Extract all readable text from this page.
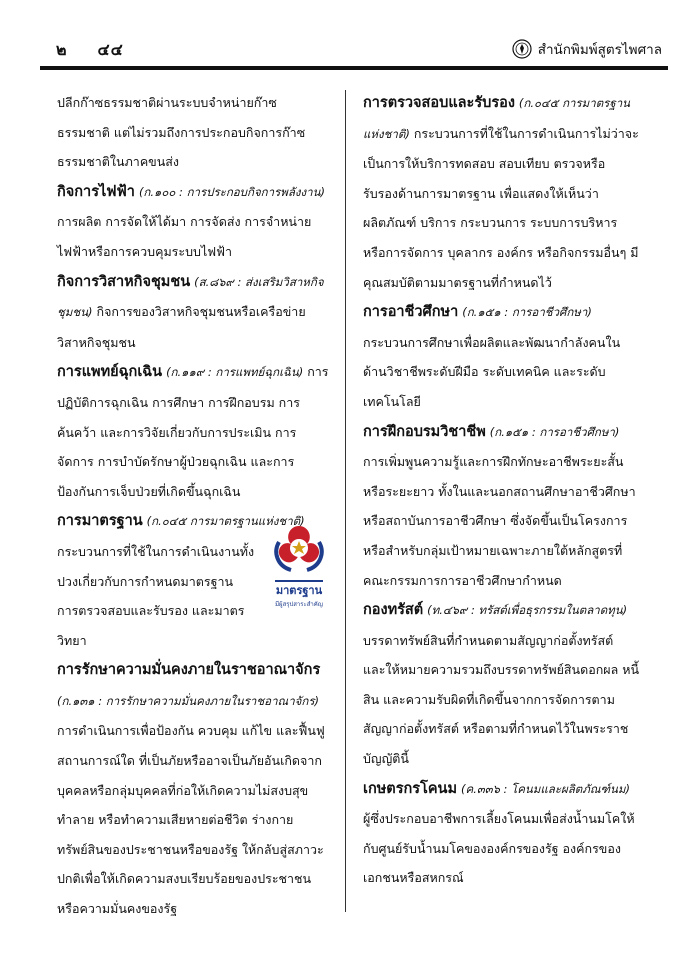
๒ ๔๔	สำนักพิมพ์สูตรไพศาล

ปลีกก๊าซธรรมชาติผ่านระบบจำหน่ายก๊าซธรรมชาติ แต่ไม่รวมถึงการประกอบกิจการก๊าซธรรมชาติในภาคขนส่ง

กิจการไฟฟ้า (ก.๑๐๐ : การประกอบกิจการพลังงาน) การผลิต การจัดให้ได้มา การจัดส่ง การจำหน่ายไฟฟ้าหรือการควบคุมระบบไฟฟ้า

กิจการวิสาหกิจชุมชน (ส.๘๖๙ : ส่งเสริมวิสาหกิจชุมชน) กิจการของวิสาหกิจชุมชนหรือเครือข่ายวิสาหกิจชุมชน

การแพทย์ฉุกเฉิน (ก.๑๑๙ : การแพทย์ฉุกเฉิน) การปฏิบัติการฉุกเฉิน การศึกษา การฝึกอบรม การค้นคว้า และการวิจัยเกี่ยวกับการประเมิน การจัดการ การบำบัดรักษาผู้ป่วยฉุกเฉิน และการป้องกันการเจ็บป่วยที่เกิดขึ้นฉุกเฉิน

การมาตรฐาน (ก.๐๔๕ การมาตรฐานแห่งชาติ)
กระบวนการที่ใช้ในการดำเนินงานทั้งปวงเกี่ยวกับการกำหนดมาตรฐาน การตรวจสอบและรับรอง และมาตรวิทยา
มาตรฐาน
มีผู้สรุปสาระสำคัญ

การรักษาความมั่นคงภายในราชอาณาจักร (ก.๑๓๑ : การรักษาความมั่นคงภายในราชอาณาจักร) การดำเนินการเพื่อป้องกัน ควบคุม แก้ไข และฟื้นฟูสถานการณ์ใด ที่เป็นภัยหรืออาจเป็นภัยอันเกิดจากบุคคลหรือกลุ่มบุคคลที่ก่อให้เกิดความไม่สงบสุข ทำลาย หรือทำความเสียหายต่อชีวิต ร่างกาย ทรัพย์สินของประชาชนหรือของรัฐ ให้กลับสู่สภาวะปกติเพื่อให้เกิดความสงบเรียบร้อยของประชาชน หรือความมั่นคงของรัฐ

การตรวจสอบและรับรอง (ก.๐๔๕ การมาตรฐานแห่งชาติ) กระบวนการที่ใช้ในการดำเนินการไม่ว่าจะเป็นการให้บริการทดสอบ สอบเทียบ ตรวจหรือรับรองด้านการมาตรฐาน เพื่อแสดงให้เห็นว่าผลิตภัณฑ์ บริการ กระบวนการ ระบบการบริหารหรือการจัดการ บุคลากร องค์กร หรือกิจกรรมอื่นๆ มีคุณสมบัติตามมาตรฐานที่กำหนดไว้

การอาชีวศึกษา (ก.๑๕๑ : การอาชีวศึกษา) กระบวนการศึกษาเพื่อผลิตและพัฒนากำลังคนในด้านวิชาชีพระดับฝีมือ ระดับเทคนิค และระดับเทคโนโลยี

การฝึกอบรมวิชาชีพ (ก.๑๕๑ : การอาชีวศึกษา) การเพิ่มพูนความรู้และการฝึกทักษะอาชีพระยะสั้นหรือระยะยาว ทั้งในและนอกสถานศึกษาอาชีวศึกษาหรือสถาบันการอาชีวศึกษา ซึ่งจัดขึ้นเป็นโครงการหรือสำหรับกลุ่มเป้าหมายเฉพาะภายใต้หลักสูตรที่คณะกรรมการการอาชีวศึกษากำหนด

กองทรัสต์ (ท.๔๖๙ : ทรัสต์เพื่อธุรกรรมในตลาดทุน) บรรดาทรัพย์สินที่กำหนดตามสัญญาก่อตั้งทรัสต์ และให้หมายความรวมถึงบรรดาทรัพย์สินดอกผล หนี้สิน และความรับผิดที่เกิดขึ้นจากการจัดการตามสัญญาก่อตั้งทรัสต์ หรือตามที่กำหนดไว้ในพระราชบัญญัตินี้

เกษตรกรโคนม (ค.๓๓๖ : โคนมและผลิตภัณฑ์นม) ผู้ซึ่งประกอบอาชีพการเลี้ยงโคนมเพื่อส่งน้ำนมโคให้กับศูนย์รับน้ำนมโคขององค์กรของรัฐ องค์กรของเอกชนหรือสหกรณ์
